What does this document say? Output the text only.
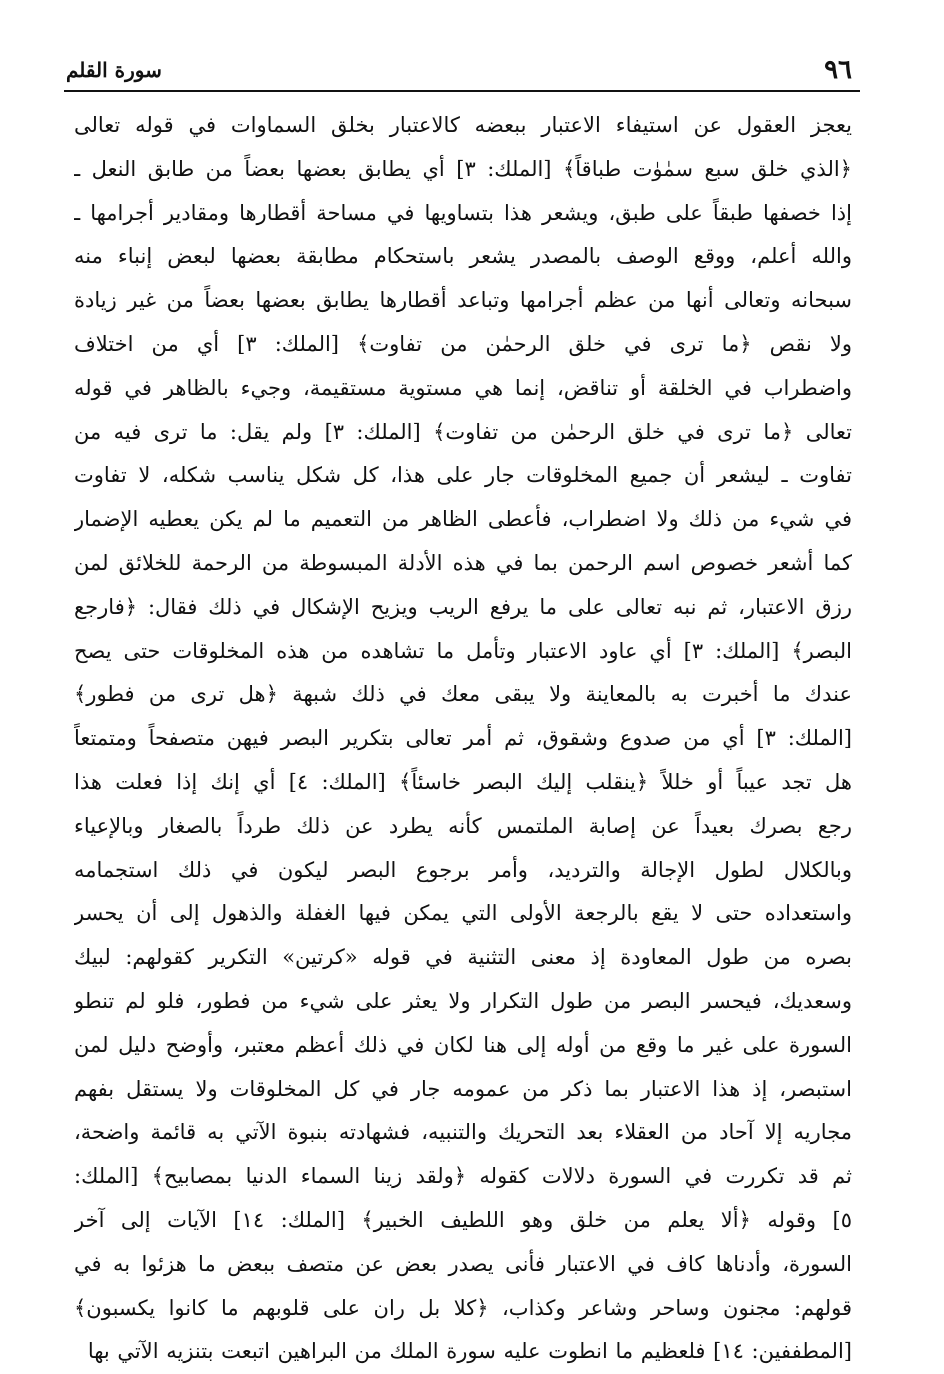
٩٦
سورة القلم
يعجز العقول عن استيفاء الاعتبار ببعضه كالاعتبار بخلق السماوات في قوله تعالى
﴿الذي خلق سبع سمٰوٰت طباقاً﴾ [الملك: ٣] أي يطابق بعضها بعضاً من طابق النعل ـ
إذا خصفها طبقاً على طبق، ويشعر هذا بتساويها في مساحة أقطارها ومقادير أجرامها ـ
والله أعلم، ووقع الوصف بالمصدر يشعر باستحكام مطابقة بعضها لبعض إنباء منه
سبحانه وتعالى أنها من عظم أجرامها وتباعد أقطارها يطابق بعضها بعضاً من غير زيادة
ولا نقص ﴿ما ترى في خلق الرحمٰن من تفاوت﴾ [الملك: ٣] أي من اختلاف
واضطراب في الخلقة أو تناقض، إنما هي مستوية مستقيمة، وجيء بالظاهر في قوله
تعالى ﴿ما ترى في خلق الرحمٰن من تفاوت﴾ [الملك: ٣] ولم يقل: ما ترى فيه من
تفاوت ـ ليشعر أن جميع المخلوقات جار على هذا، كل شكل يناسب شكله، لا تفاوت
في شيء من ذلك ولا اضطراب، فأعطى الظاهر من التعميم ما لم يكن يعطيه الإضمار
كما أشعر خصوص اسم الرحمن بما في هذه الأدلة المبسوطة من الرحمة للخلائق لمن
رزق الاعتبار، ثم نبه تعالى على ما يرفع الريب ويزيح الإشكال في ذلك فقال: ﴿فارجع
البصر﴾ [الملك: ٣] أي عاود الاعتبار وتأمل ما تشاهده من هذه المخلوقات حتى يصح
عندك ما أخبرت به بالمعاينة ولا يبقى معك في ذلك شبهة ﴿هل ترى من فطور﴾
[الملك: ٣] أي من صدوع وشقوق، ثم أمر تعالى بتكرير البصر فيهن متصفحاً ومتمتعاً
هل تجد عيباً أو خللاً ﴿ينقلب إليك البصر خاسئاً﴾ [الملك: ٤] أي إنك إذا فعلت هذا
رجع بصرك بعيداً عن إصابة الملتمس كأنه يطرد عن ذلك طرداً بالصغار وبالإعياء
وبالكلال لطول الإجالة والترديد، وأمر برجوع البصر ليكون في ذلك استجمامه
واستعداده حتى لا يقع بالرجعة الأولى التي يمكن فيها الغفلة والذهول إلى أن يحسر
بصره من طول المعاودة إذ معنى التثنية في قوله «كرتين» التكرير كقولهم: لبيك
وسعديك، فيحسر البصر من طول التكرار ولا يعثر على شيء من فطور، فلو لم تنطو
السورة على غير ما وقع من أوله إلى هنا لكان في ذلك أعظم معتبر، وأوضح دليل لمن
استبصر، إذ هذا الاعتبار بما ذكر من عمومه جار في كل المخلوقات ولا يستقل بفهم
مجاريه إلا آحاد من العقلاء بعد التحريك والتنبيه، فشهادته بنبوة الآتي به قائمة واضحة،
ثم قد تكررت في السورة دلالات كقوله ﴿ولقد زينا السماء الدنيا بمصابيح﴾ [الملك:
٥] وقوله ﴿ألا يعلم من خلق وهو اللطيف الخبير﴾ [الملك: ١٤] الآيات إلى آخر
السورة، وأدناها كاف في الاعتبار فأنى يصدر بعض عن متصف ببعض ما هزئوا به في
قولهم: مجنون وساحر وشاعر وكذاب، ﴿كلا بل ران على قلوبهم ما كانوا يكسبون﴾
[المطففين: ١٤] فلعظيم ما انطوت عليه سورة الملك من البراهين اتبعت بتنزيه الآتي بها
